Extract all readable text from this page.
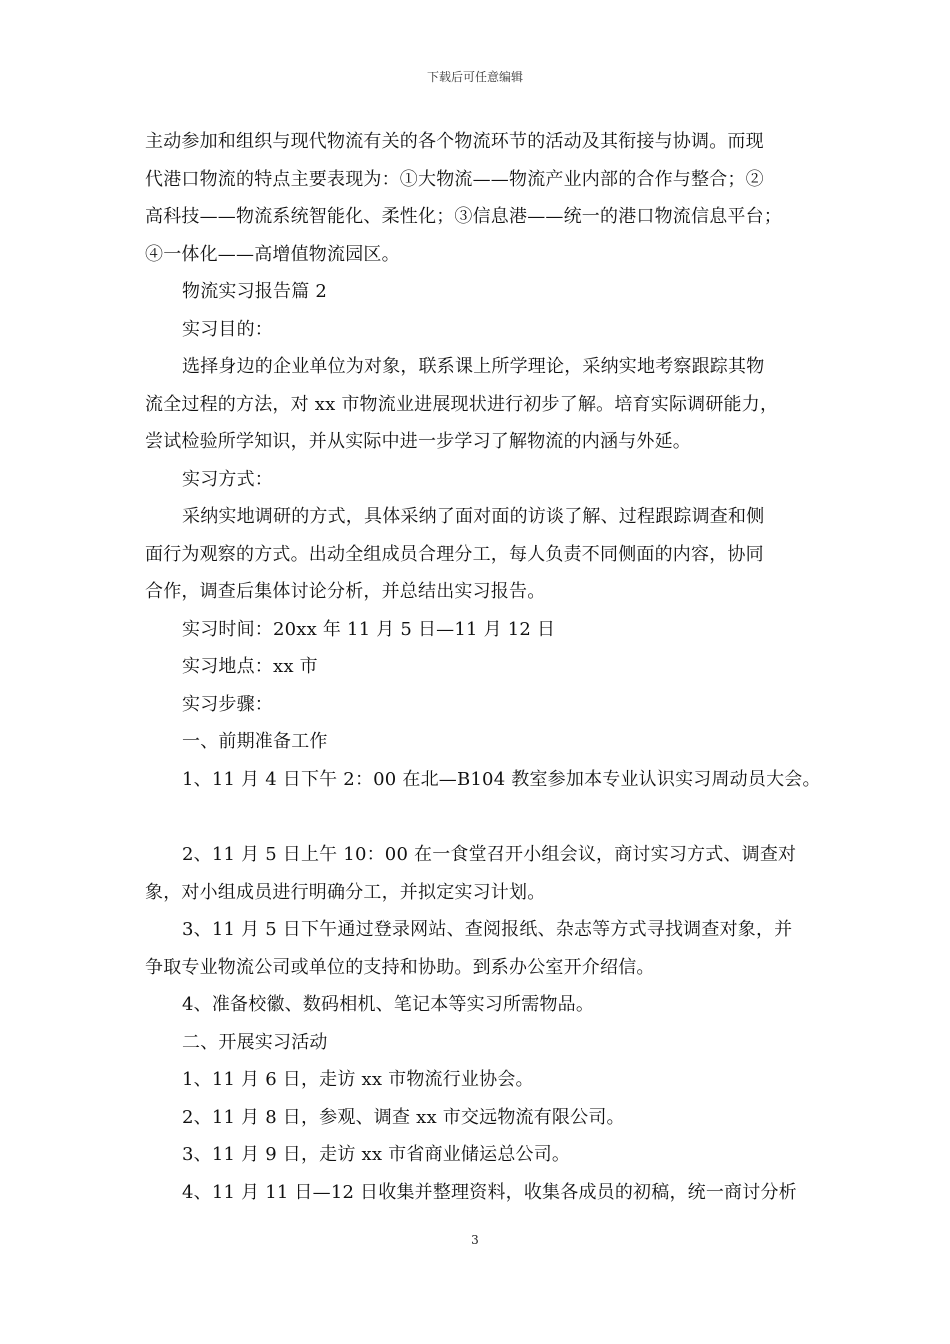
下载后可任意编辑
主动参加和组织与现代物流有关的各个物流环节的活动及其衔接与协调。而现
代港口物流的特点主要表现为：①大物流——物流产业内部的合作与整合；②
高科技——物流系统智能化、柔性化；③信息港——统一的港口物流信息平台；
④一体化——高增值物流园区。
物流实习报告篇 2
实习目的：
选择身边的企业单位为对象，联系课上所学理论，采纳实地考察跟踪其物
流全过程的方法，对 xx 市物流业进展现状进行初步了解。培育实际调研能力，
尝试检验所学知识，并从实际中进一步学习了解物流的内涵与外延。
实习方式：
采纳实地调研的方式，具体采纳了面对面的访谈了解、过程跟踪调查和侧
面行为观察的方式。出动全组成员合理分工，每人负责不同侧面的内容，协同
合作，调查后集体讨论分析，并总结出实习报告。
实习时间：20xx 年 11 月 5 日—11 月 12 日
实习地点：xx 市
实习步骤：
一、前期准备工作
1、11 月 4 日下午 2：00 在北—B104 教室参加本专业认识实习周动员大会。
2、11 月 5 日上午 10：00 在一食堂召开小组会议，商讨实习方式、调查对
象，对小组成员进行明确分工，并拟定实习计划。
3、11 月 5 日下午通过登录网站、查阅报纸、杂志等方式寻找调查对象，并
争取专业物流公司或单位的支持和协助。到系办公室开介绍信。
4、准备校徽、数码相机、笔记本等实习所需物品。
二、开展实习活动
1、11 月 6 日，走访 xx 市物流行业协会。
2、11 月 8 日，参观、调查 xx 市交远物流有限公司。
3、11 月 9 日，走访 xx 市省商业储运总公司。
4、11 月 11 日—12 日收集并整理资料，收集各成员的初稿，统一商讨分析
3
